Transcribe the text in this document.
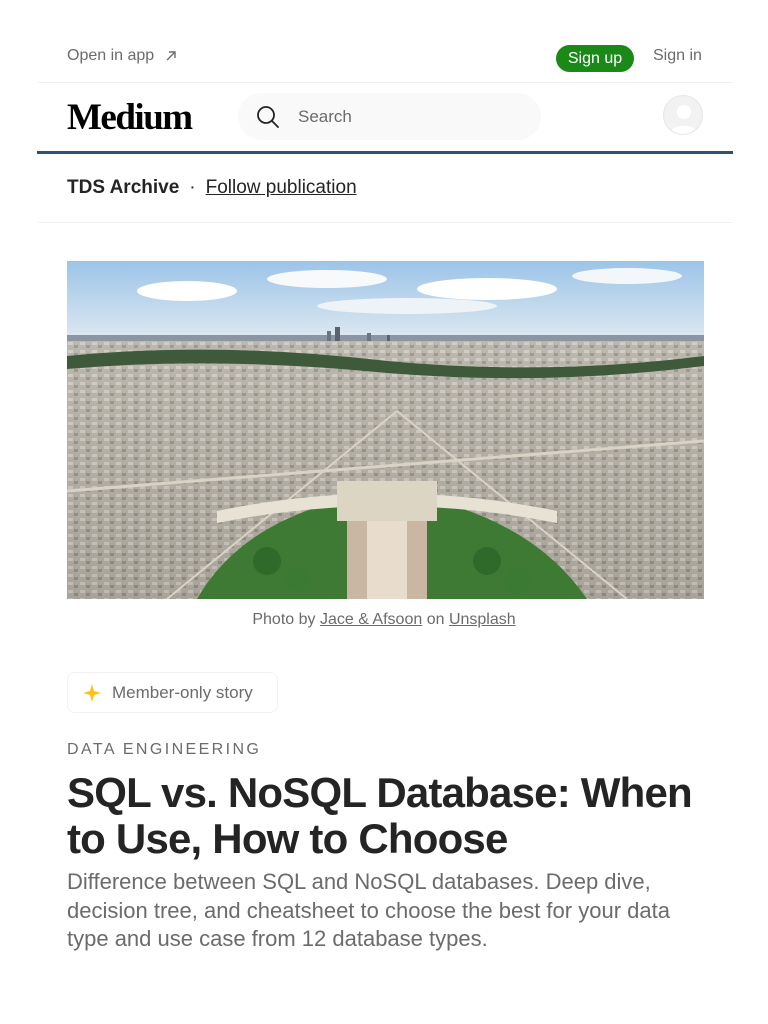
Open in app	Sign up	Sign in
Medium
Search
TDS Archive · Follow publication
Photo by Jace & Afsoon on Unsplash
Member-only story
DATA ENGINEERING
SQL vs. NoSQL Database: When to Use, How to Choose

Difference between SQL and NoSQL databases. Deep dive, decision tree, and cheatsheet to choose the best for your data type and use case from 12 database types.
